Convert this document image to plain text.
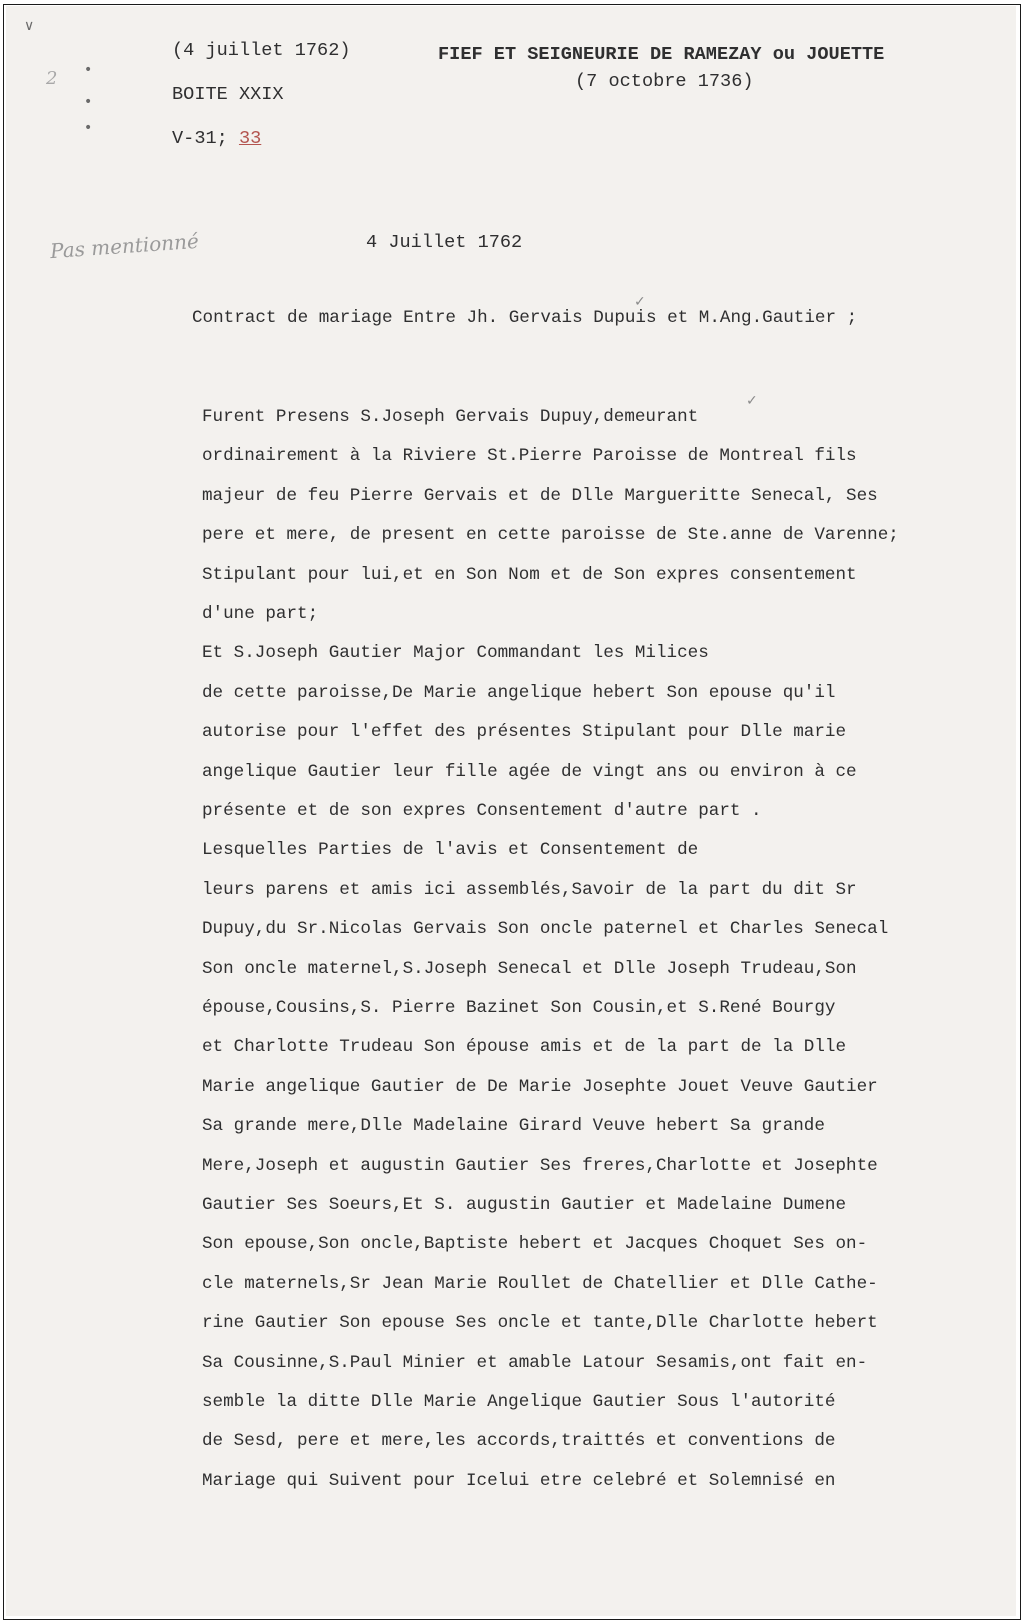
∨
2 •
•
•
(4 juillet 1762)
BOITE XXIX
V-31; 33
FIEF ET SEIGNEURIE DE RAMEZAY ou JOUETTE
(7 octobre 1736)
Pas mentionné	4 Juillet 1762
Contract de mariage Entre Jh. Gervais Dupuis et M.Ang.Gautier ;
✓
Furent Presens S.Joseph Gervais Dupuy,demeurant
ordinairement à la Riviere St.Pierre Paroisse de Montreal fils
majeur de feu Pierre Gervais et de Dlle Margueritte Senecal, Ses
pere et mere, de present en cette paroisse de Ste.anne de Varenne;
Stipulant pour lui,et en Son Nom et de Son expres consentement
d'une part;
Et S.Joseph Gautier Major Commandant les Milices
de cette paroisse,De Marie angelique hebert Son epouse qu'il
autorise pour l'effet des présentes Stipulant pour Dlle marie
angelique Gautier leur fille agée de vingt ans ou environ à ce
présente et de son expres Consentement d'autre part .
Lesquelles Parties de l'avis et Consentement de
leurs parens et amis ici assemblés,Savoir de la part du dit Sr
Dupuy,du Sr.Nicolas Gervais Son oncle paternel et Charles Senecal
Son oncle maternel,S.Joseph Senecal et Dlle Joseph Trudeau,Son
épouse,Cousins,S. Pierre Bazinet Son Cousin,et S.René Bourgy
et Charlotte Trudeau Son épouse amis et de la part de la Dlle
Marie angelique Gautier de De Marie Josephte Jouet Veuve Gautier
Sa grande mere,Dlle Madelaine Girard Veuve hebert Sa grande
Mere,Joseph et augustin Gautier Ses freres,Charlotte et Josephte
Gautier Ses Soeurs,Et S. augustin Gautier et Madelaine Dumene
Son epouse,Son oncle,Baptiste hebert et Jacques Choquet Ses on-
cle maternels,Sr Jean Marie Roullet de Chatellier et Dlle Cathe-
rine Gautier Son epouse Ses oncle et tante,Dlle Charlotte hebert
Sa Cousinne,S.Paul Minier et amable Latour Sesamis,ont fait en-
semble la ditte Dlle Marie Angelique Gautier Sous l'autorité
de Sesd, pere et mere,les accords,traittés et conventions de
Mariage qui Suivent pour Icelui etre celebré et Solemnisé en
✓
